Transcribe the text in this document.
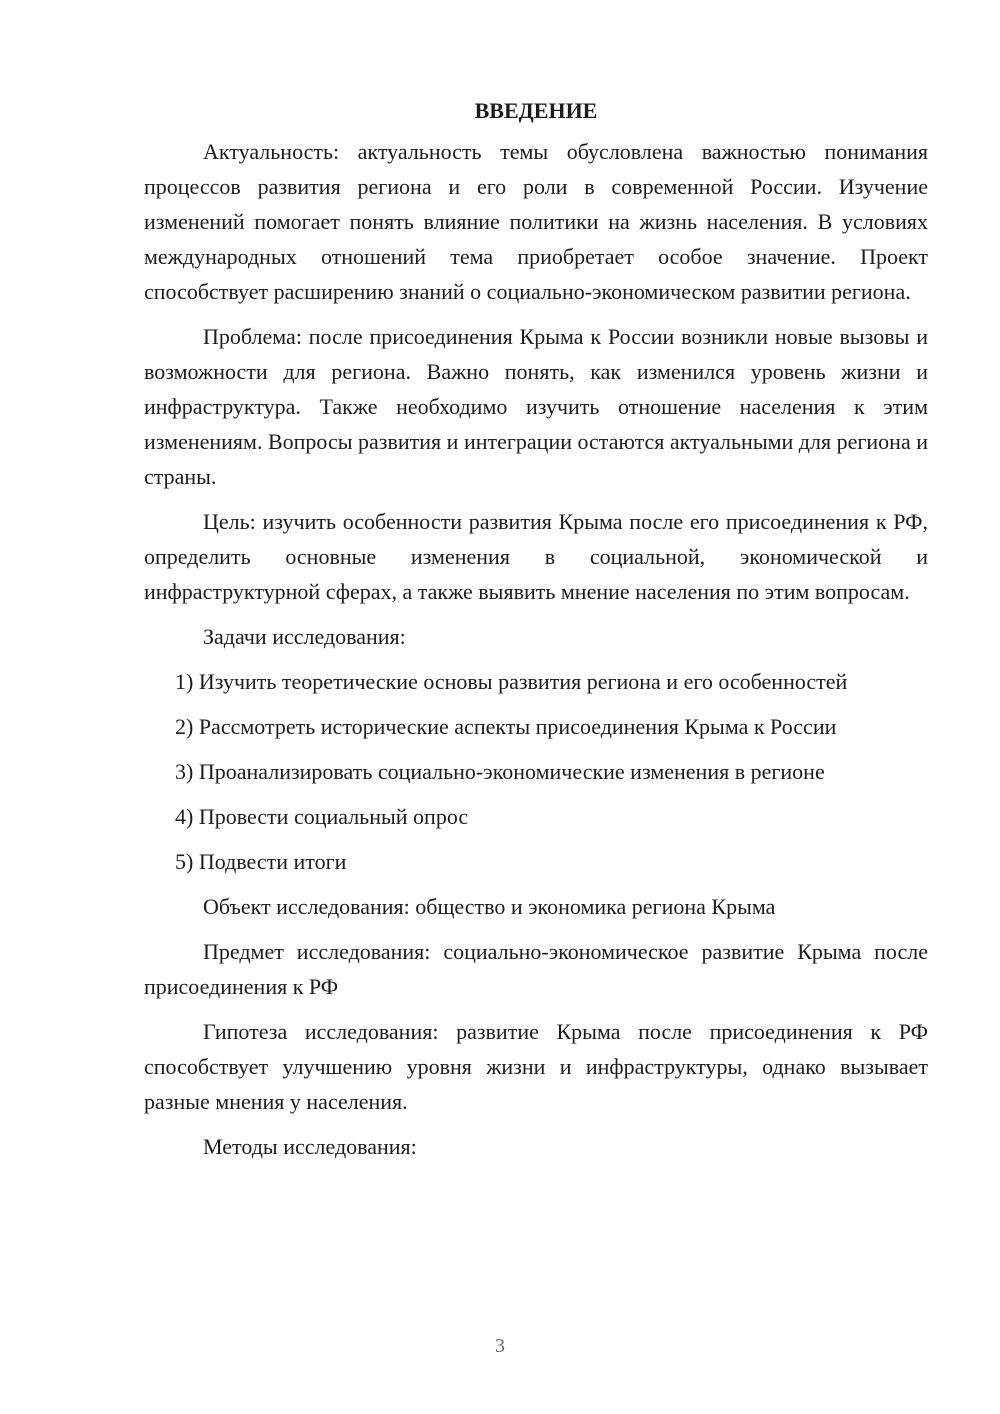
ВВЕДЕНИЕ

Актуальность: актуальность темы обусловлена важностью понимания процессов развития региона и его роли в современной России. Изучение изменений помогает понять влияние политики на жизнь населения. В условиях международных отношений тема приобретает особое значение. Проект способствует расширению знаний о социально-экономическом развитии региона.

Проблема: после присоединения Крыма к России возникли новые вызовы и возможности для региона. Важно понять, как изменился уровень жизни и инфраструктура. Также необходимо изучить отношение населения к этим изменениям. Вопросы развития и интеграции остаются актуальными для региона и страны.

Цель: изучить особенности развития Крыма после его присоединения к РФ, определить основные изменения в социальной, экономической и инфраструктурной сферах, а также выявить мнение населения по этим вопросам.

Задачи исследования:

1) Изучить теоретические основы развития региона и его особенностей

2) Рассмотреть исторические аспекты присоединения Крыма к России

3) Проанализировать социально-экономические изменения в регионе

4) Провести социальный опрос

5) Подвести итоги

Объект исследования: общество и экономика региона Крыма

Предмет исследования: социально-экономическое развитие Крыма после присоединения к РФ

Гипотеза исследования: развитие Крыма после присоединения к РФ способствует улучшению уровня жизни и инфраструктуры, однако вызывает разные мнения у населения.

Методы исследования:

3
